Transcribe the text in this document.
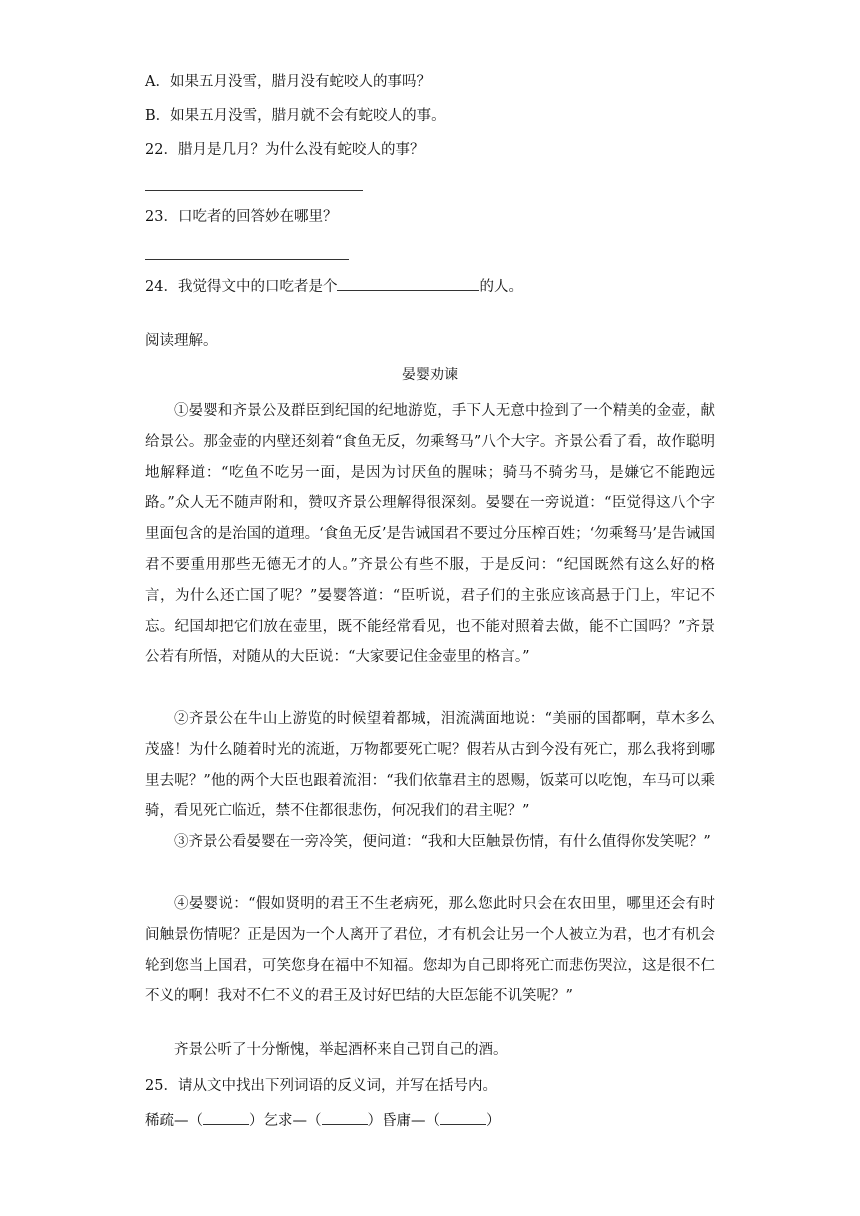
A．如果五月没雪，腊月没有蛇咬人的事吗？
B．如果五月没雪，腊月就不会有蛇咬人的事。
22．腊月是几月？为什么没有蛇咬人的事？
23．口吃者的回答妙在哪里？
24．我觉得文中的口吃者是个	的人。
阅读理解。
晏婴劝谏
①晏婴和齐景公及群臣到纪国的纪地游览，手下人无意中捡到了一个精美的金壶，献给景公。那金壶的内壁还刻着“食鱼无反，勿乘驽马”八个大字。齐景公看了看，故作聪明地解释道：“吃鱼不吃另一面，是因为讨厌鱼的腥味；骑马不骑劣马，是嫌它不能跑远路。”众人无不随声附和，赞叹齐景公理解得很深刻。晏婴在一旁说道：“臣觉得这八个字里面包含的是治国的道理。‘食鱼无反’是告诫国君不要过分压榨百姓；‘勿乘驽马’是告诫国君不要重用那些无德无才的人。”齐景公有些不服，于是反问：“纪国既然有这么好的格言，为什么还亡国了呢？”晏婴答道：“臣听说，君子们的主张应该高悬于门上，牢记不忘。纪国却把它们放在壶里，既不能经常看见，也不能对照着去做，能不亡国吗？”齐景公若有所悟，对随从的大臣说：“大家要记住金壶里的格言。”
②齐景公在牛山上游览的时候望着都城，泪流满面地说：“美丽的国都啊，草木多么茂盛！为什么随着时光的流逝，万物都要死亡呢？假若从古到今没有死亡，那么我将到哪里去呢？”他的两个大臣也跟着流泪：“我们依靠君主的恩赐，饭菜可以吃饱，车马可以乘骑，看见死亡临近，禁不住都很悲伤，何况我们的君主呢？”
③齐景公看晏婴在一旁冷笑，便问道：“我和大臣触景伤情，有什么值得你发笑呢？”
④晏婴说：“假如贤明的君王不生老病死，那么您此时只会在农田里，哪里还会有时间触景伤情呢？正是因为一个人离开了君位，才有机会让另一个人被立为君，也才有机会轮到您当上国君，可笑您身在福中不知福。您却为自己即将死亡而悲伤哭泣，这是很不仁不义的啊！我对不仁不义的君王及讨好巴结的大臣怎能不讥笑呢？”
齐景公听了十分惭愧，举起酒杯来自己罚自己的酒。
25．请从文中找出下列词语的反义词，并写在括号内。
稀疏—（	）乞求—（	）昏庸—（	）
